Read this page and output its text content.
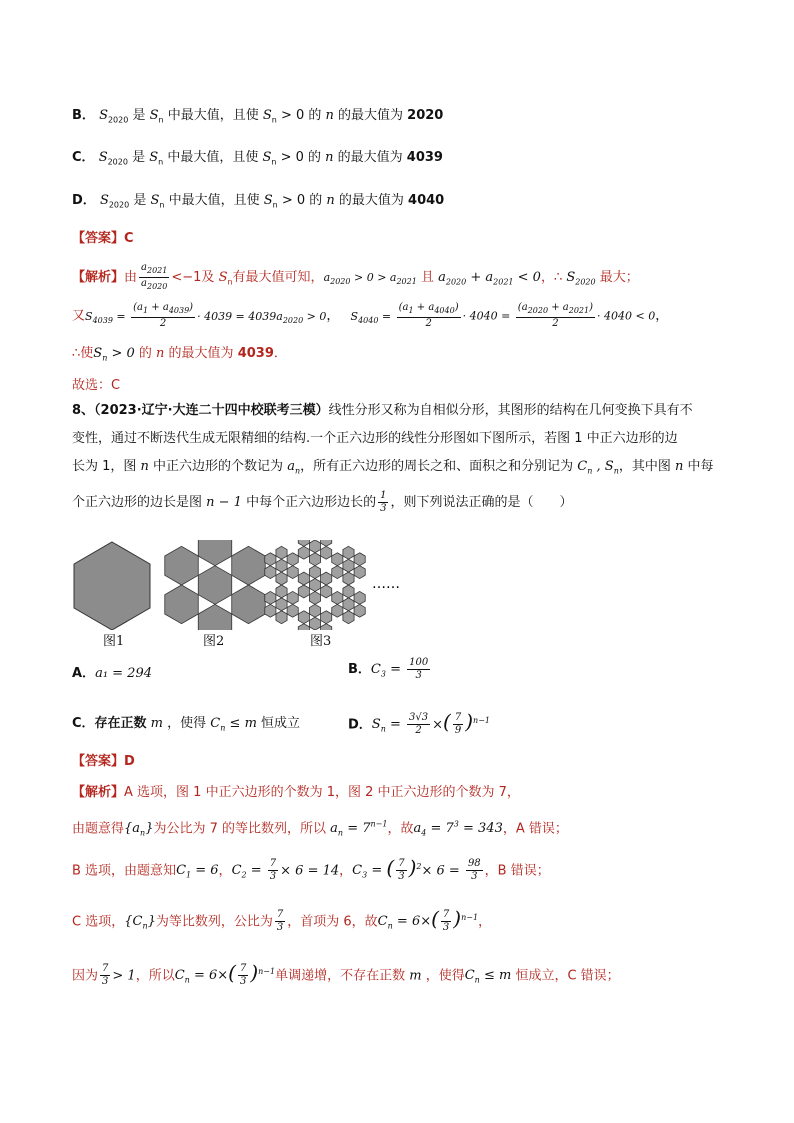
B． $S_{2020}$ 是 $S_n$ 中最大值，且使 $S_n > 0$ 的 n 的最大值为 2020
C． $S_{2020}$ 是 $S_n$ 中最大值，且使 $S_n > 0$ 的 n 的最大值为 4039
D． $S_{2020}$ 是 $S_n$ 中最大值，且使 $S_n > 0$ 的 n 的最大值为 4040
【答案】C
【解析】由 $\frac{a_{2021}}{a_{2020}} <-1$及 $S_n$有最大值可知，$a_{2020} > 0 > a_{2021}$ 且 $a_{2020} + a_{2021} < 0$，∴ $S_{2020}$ 最大；
又$S_{4039} = \frac{(a_1 + a_{4039})}{2} \cdot 4039 = 4039a_{2020} > 0$，   $S_{4040} = \frac{(a_1 + a_{4040})}{2} \cdot 4040 = \frac{(a_{2020} + a_{2021})}{2} \cdot 4040 < 0$，
∴使$S_n > 0$ 的 n 的最大值为 4039．
故选：C
8、（2023·辽宁·大连二十四中校联考三模）线性分形又称为自相似分形，其图形的结构在几何变换下具有不
变性，通过不断迭代生成无限精细的结构.一个正六边形的线性分形图如下图所示，若图 1 中正六边形的边
长为 1，图 n 中正六边形的个数记为 $a_n$，所有正六边形的周长之和、面积之和分别记为 $C_n$ , $S_n$，其中图 n 中每
个正六边形的边长是图 n − 1 中每个正六边形边长的 $\frac{1}{3}$ ，则下列说法正确的是（　　）
……
图1	图2	图3
A．a₁ = 294	B．$C_3 = \frac{100}{3}$
C．存在正数 m ，使得 $C_n \le m$ 恒成立	D．$S_n = \frac{3√3}{2}$ ×( $\frac{7}{9} )^{n-1}$
【答案】D
【解析】A 选项，图 1 中正六边形的个数为 1，图 2 中正六边形的个数为 7，
由题意得$\{a_n\}$为公比为 7 的等比数列，所以 $a_n = 7^{n-1}$，故$a_4 = 7^3 = 343$，A 错误；
B 选项，由题意知$C_1 = 6$，$C_2 = \frac{7}{3} \times 6 = 14$，$C_3$ = ( $\frac{7}{3} )^2\times 6 = \frac{98}{3}$ ，B 错误；
C 选项，$\{C_n\}$为等比数列，公比为 $\frac{7}{3}$ ，首项为 6，故$C_n = 6\times( \frac{7}{3} )^{n-1}$，
因为 $\frac{7}{3} > 1$，所以$C_n = 6\times( \frac{7}{3} )^{n-1}$单调递增，不存在正数 m ，使得$C_n \le m$ 恒成立，C 错误；
